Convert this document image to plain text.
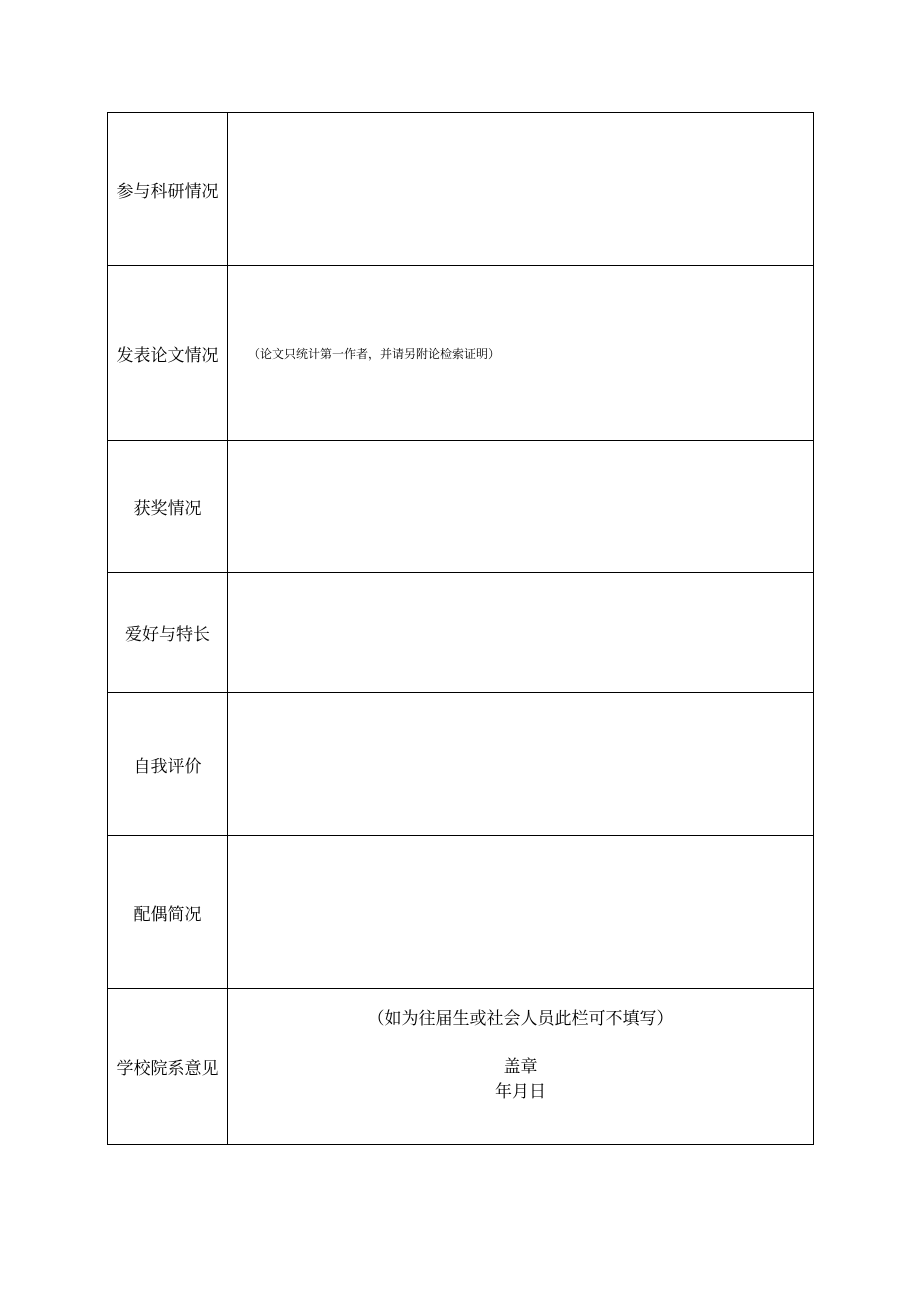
参与科研情况	
发表论文情况	（论文只统计第一作者，并请另附论检索证明）

获奖情况	
爱好与特长	
自我评价	
配偶简况	
学校院系意见	（如为往届生或社会人员此栏可不填写）
盖章
年月日
